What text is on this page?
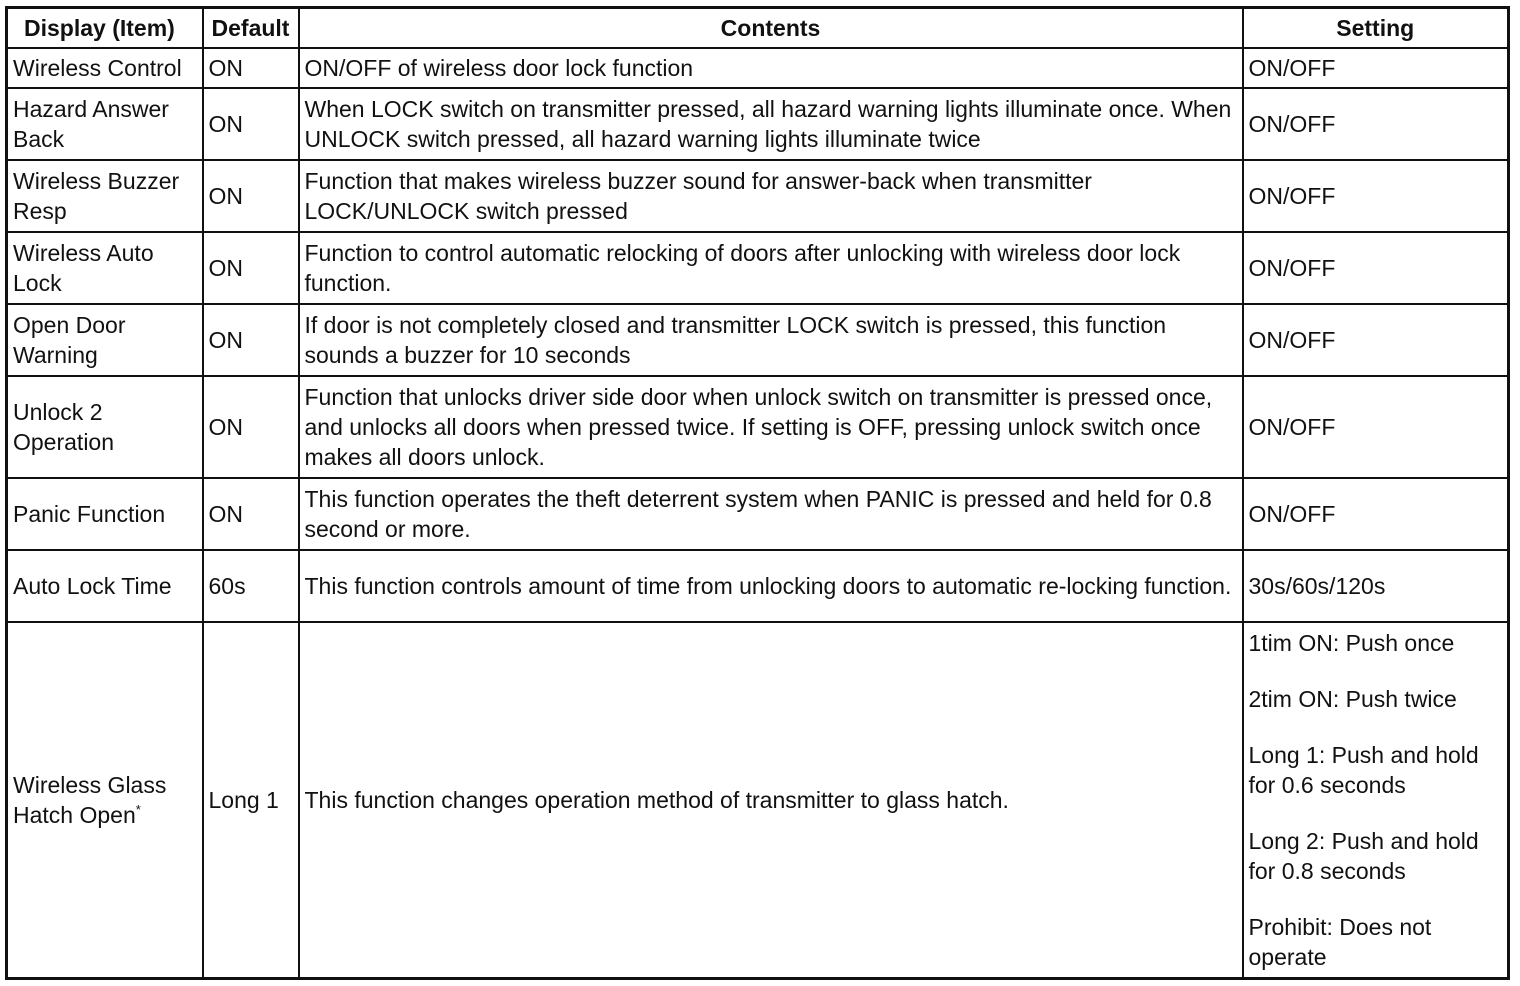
Display (Item)	Default	Contents	Setting
Wireless Control	ON	ON/OFF of wireless door lock function	ON/OFF
Hazard Answer Back	ON	When LOCK switch on transmitter pressed, all hazard warning lights illuminate once. When UNLOCK switch pressed, all hazard warning lights illuminate twice	ON/OFF
Wireless Buzzer Resp	ON	Function that makes wireless buzzer sound for answer-back when transmitter LOCK/UNLOCK switch pressed	ON/OFF
Wireless Auto Lock	ON	Function to control automatic relocking of doors after unlocking with wireless door lock function.	ON/OFF
Open Door Warning	ON	If door is not completely closed and transmitter LOCK switch is pressed, this function sounds a buzzer for 10 seconds	ON/OFF
Unlock 2 Operation	ON	Function that unlocks driver side door when unlock switch on transmitter is pressed once, and unlocks all doors when pressed twice. If setting is OFF, pressing unlock switch once makes all doors unlock.	ON/OFF
Panic Function	ON	This function operates the theft deterrent system when PANIC is pressed and held for 0.8 second or more.	ON/OFF
Auto Lock Time	60s	This function controls amount of time from unlocking doors to automatic re-locking function.	30s/60s/120s
Wireless Glass Hatch Open*	Long 1	This function changes operation method of transmitter to glass hatch.	1tim ON: Push once

2tim ON: Push twice

Long 1: Push and hold for 0.6 seconds

Long 2: Push and hold for 0.8 seconds

Prohibit: Does not operate
